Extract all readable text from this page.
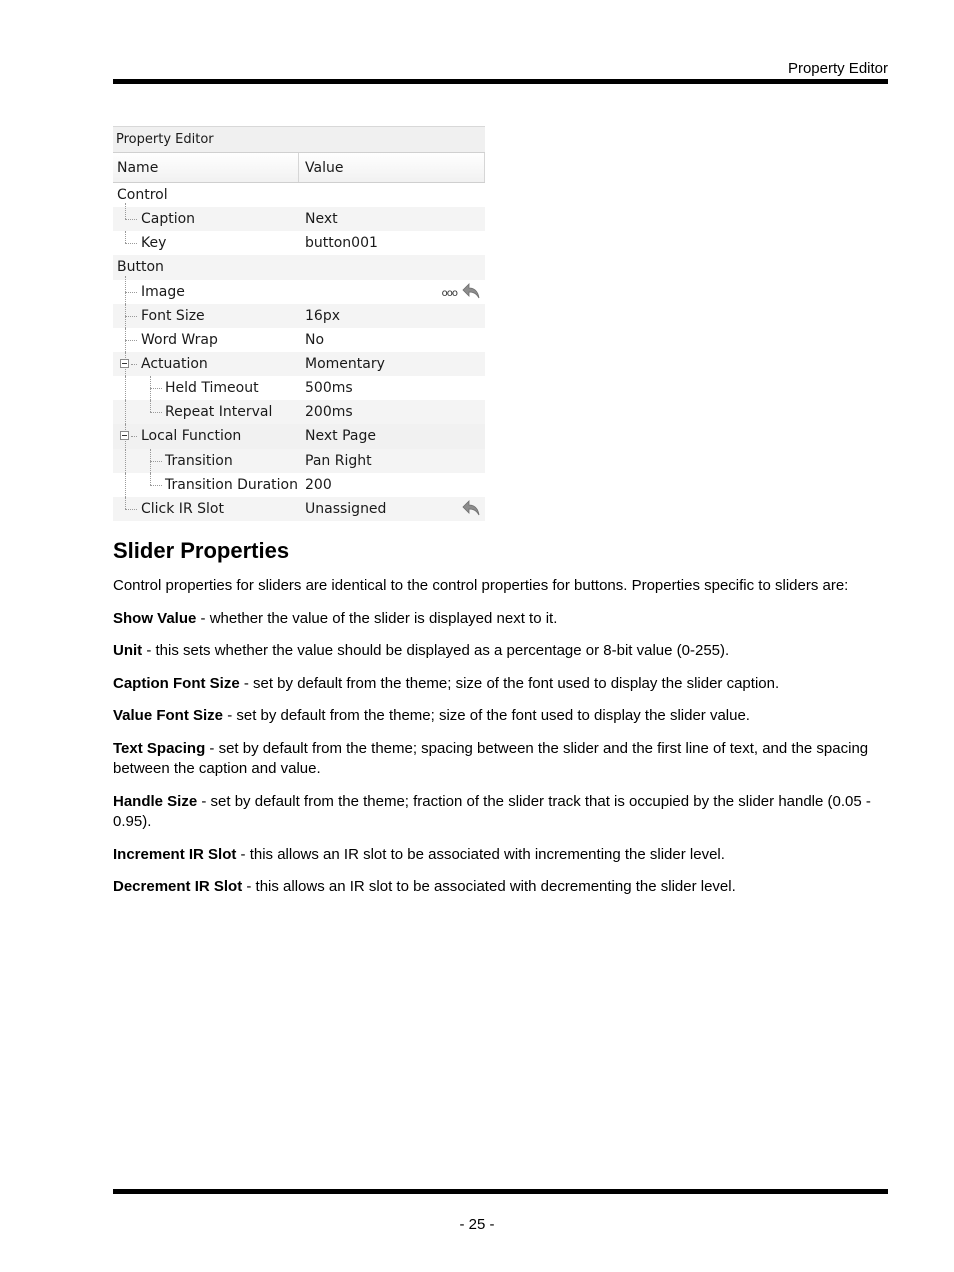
Property Editor
Property Editor
Name	Value
Control
Caption	Next
Key	button001
Button
Image	ooo
Font Size	16px
Word Wrap	No
Actuation	Momentary
Held Timeout	500ms
Repeat Interval	200ms
Local Function	Next Page
Transition	Pan Right
Transition Duration 200
Click IR Slot	Unassigned
Slider Properties

Control properties for sliders are identical to the control properties for buttons. Properties specific to sliders are:

Show Value - whether the value of the slider is displayed next to it.

Unit - this sets whether the value should be displayed as a percentage or 8-bit value (0-255).

Caption Font Size - set by default from the theme; size of the font used to display the slider caption.

Value Font Size - set by default from the theme; size of the font used to display the slider value.

Text Spacing - set by default from the theme; spacing between the slider and the first line of text, and the spacing between the caption and value.

Handle Size - set by default from the theme; fraction of the slider track that is occupied by the slider handle (0.05 - 0.95).

Increment IR Slot - this allows an IR slot to be associated with incrementing the slider level.

Decrement IR Slot - this allows an IR slot to be associated with decrementing the slider level.

- 25 -
